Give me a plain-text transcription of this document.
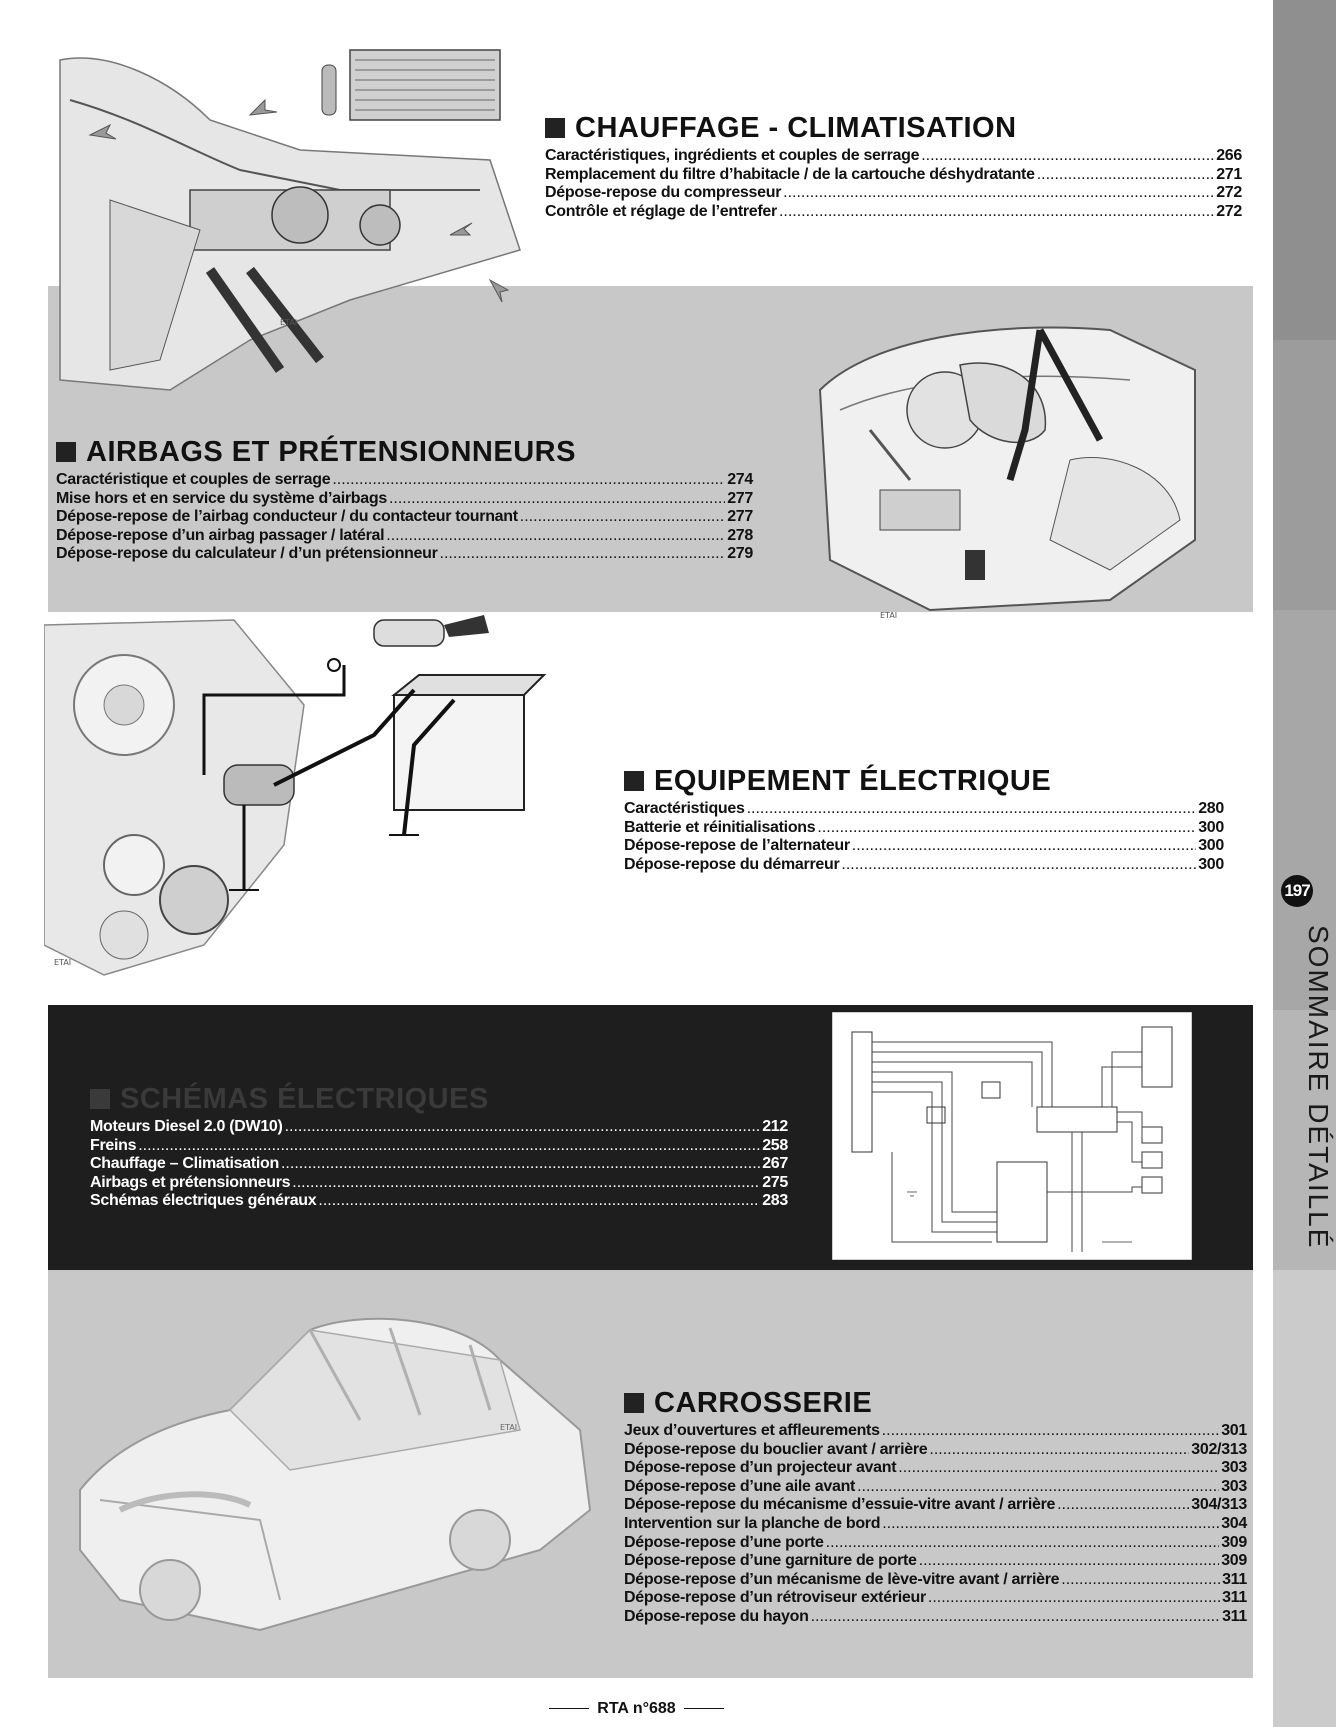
197
SOMMAIRE DÉTAILLÉ
ETAI
ETAI
ETAI
ETAI
CHAUFFAGE - CLIMATISATION
Caractéristiques, ingrédients et couples de serrage .....	266
Remplacement du filtre d’habitacle / de la cartouche déshydratante .....	271
Dépose-repose du compresseur .....	272
Contrôle et réglage de l’entrefer .....	272
AIRBAGS ET PRÉTENSIONNEURS
Caractéristique et couples de serrage .....	274
Mise hors et en service du système d’airbags .....	277
Dépose-repose de l’airbag conducteur / du contacteur tournant .....	277
Dépose-repose d’un airbag passager / latéral .....	278
Dépose-repose du calculateur / d’un prétensionneur .....	279
EQUIPEMENT ÉLECTRIQUE
Caractéristiques .....	280
Batterie et réinitialisations .....	300
Dépose-repose de l’alternateur .....	300
Dépose-repose du démarreur .....	300
SCHÉMAS ÉLECTRIQUES
Moteurs Diesel 2.0 (DW10) .....	212
Freins .....	258
Chauffage – Climatisation .....	267
Airbags et prétensionneurs .....	275
Schémas électriques généraux .....	283
CARROSSERIE
Jeux d’ouvertures et affleurements .....	301
Dépose-repose du bouclier avant / arrière .....	302/313
Dépose-repose d’un projecteur avant .....	303
Dépose-repose d’une aile avant .....	303
Dépose-repose du mécanisme d’essuie-vitre avant / arrière .....	304/313
Intervention sur la planche de bord .....	304
Dépose-repose d’une porte .....	309
Dépose-repose d’une garniture de porte .....	309
Dépose-repose d’un mécanisme de lève-vitre avant / arrière .....	311
Dépose-repose d’un rétroviseur extérieur .....	311
Dépose-repose du hayon .....	311
RTA n°688
